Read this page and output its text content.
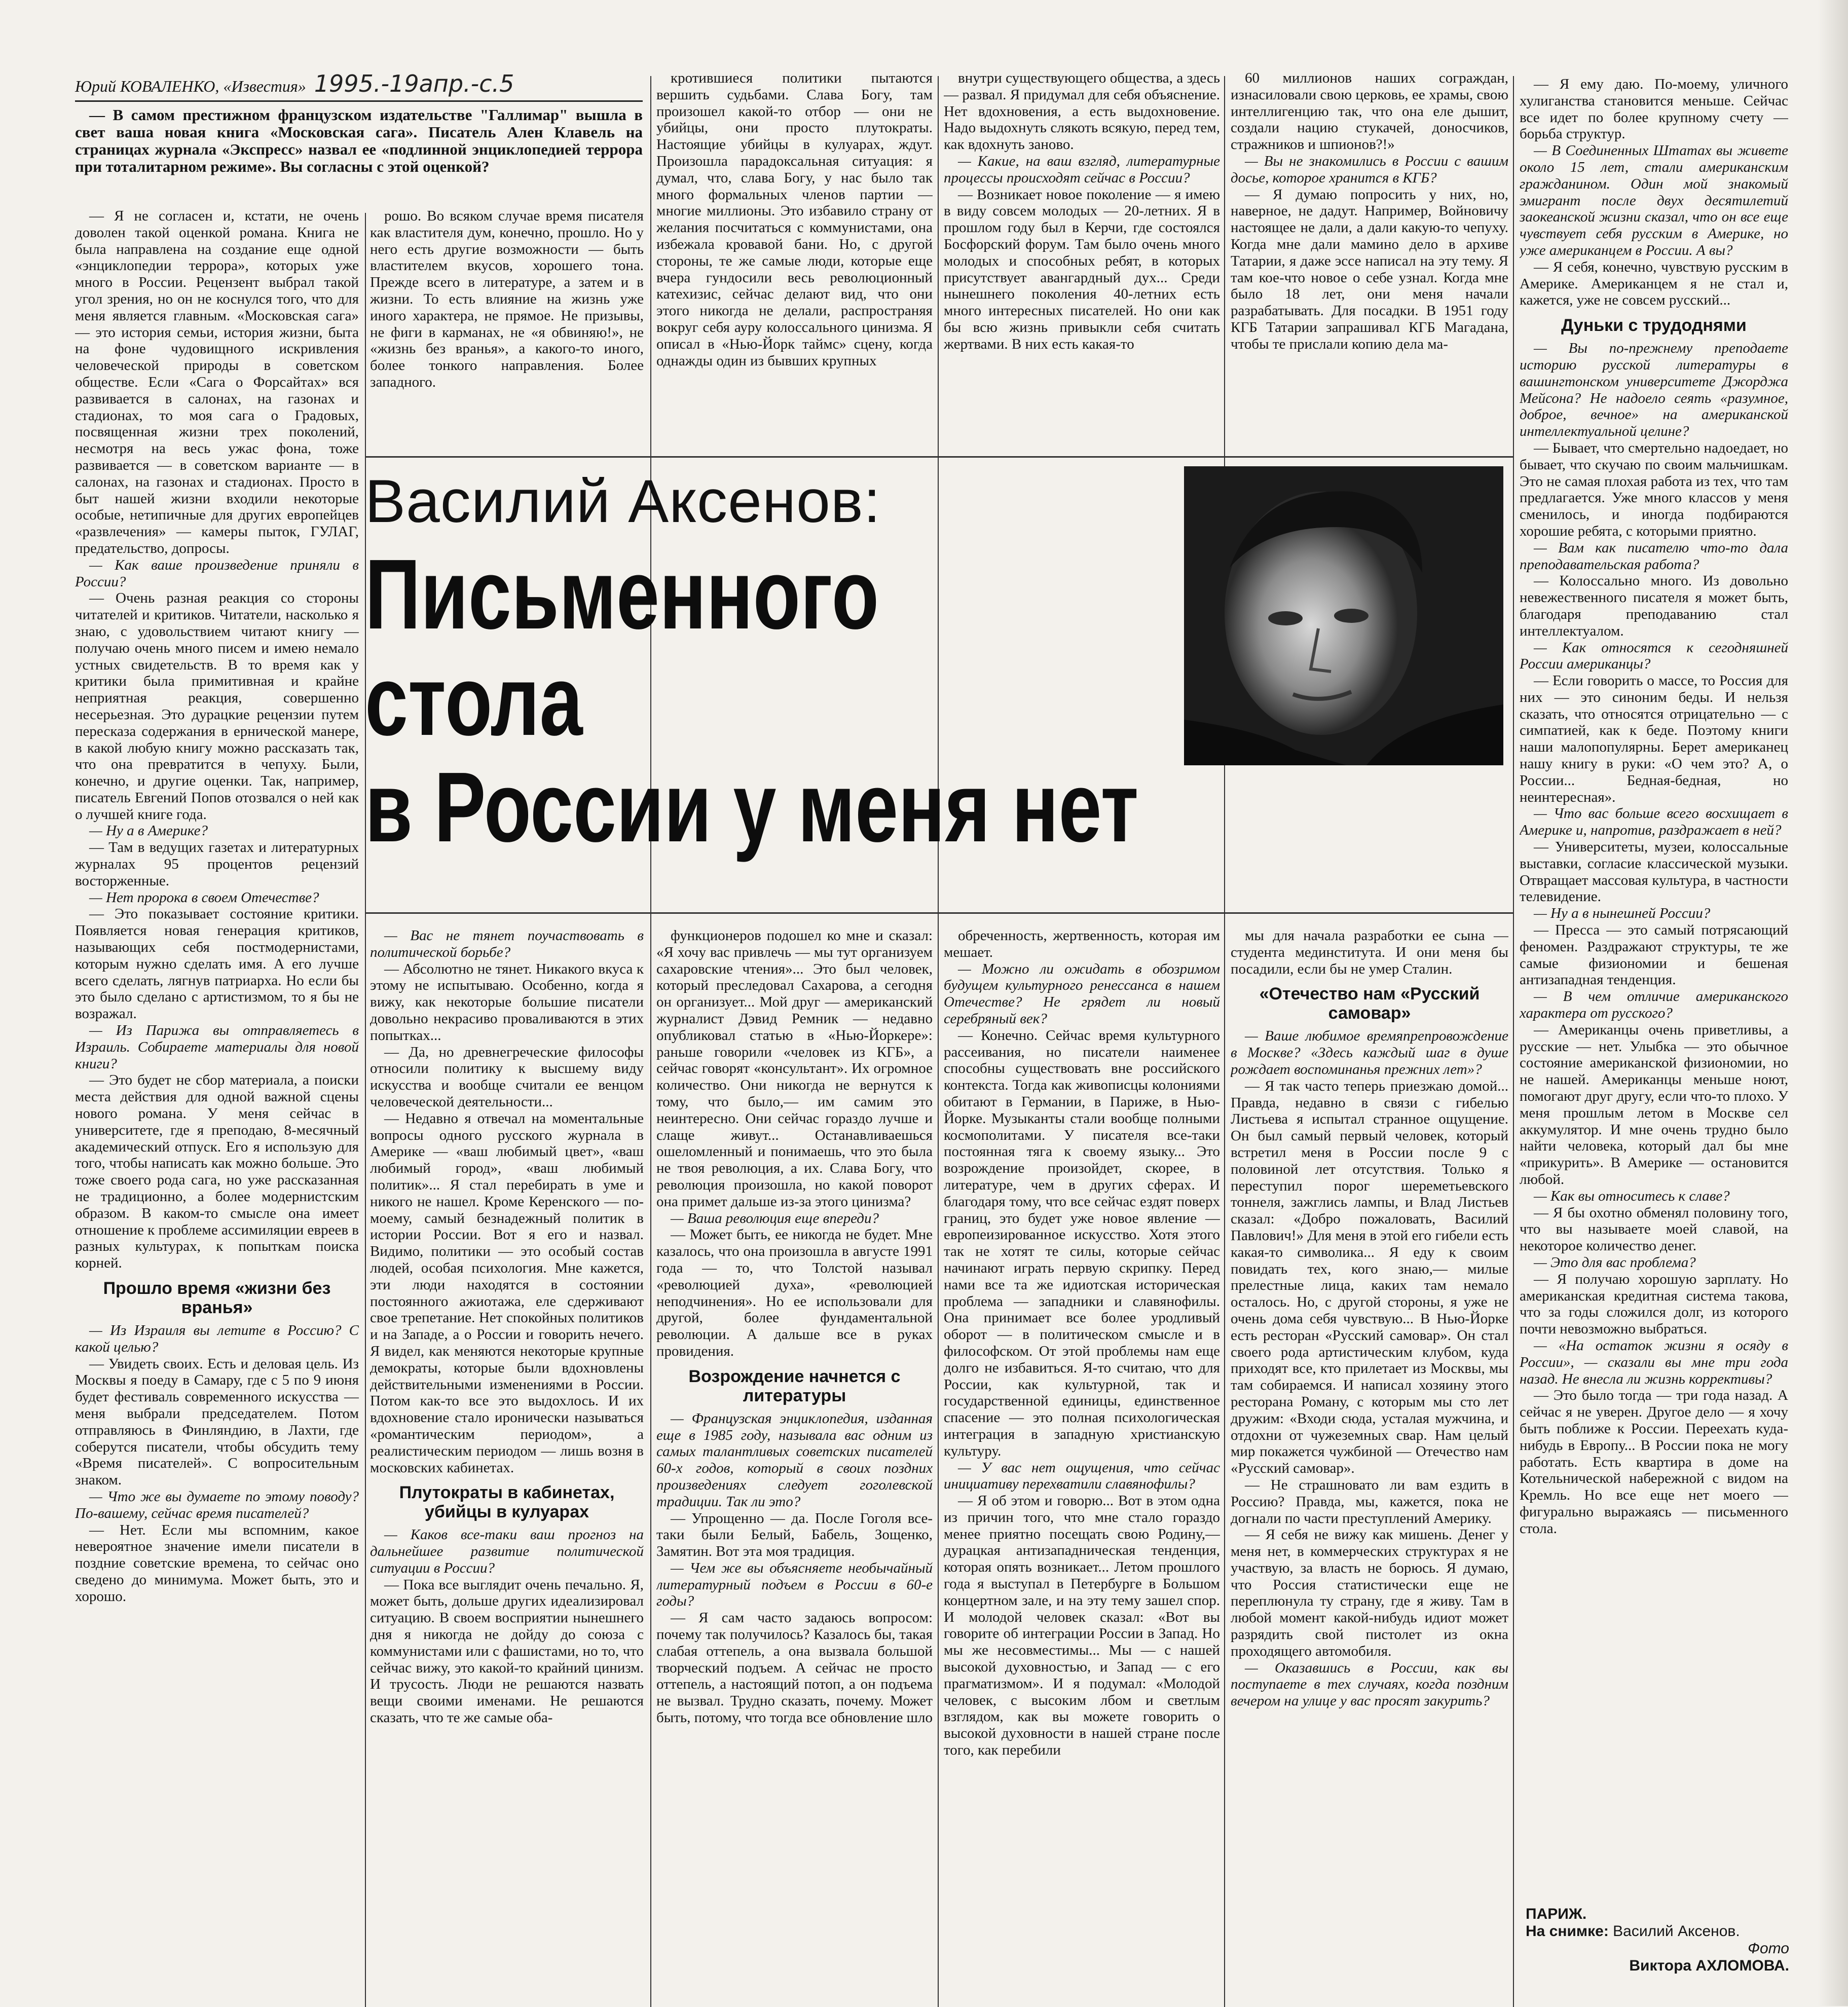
Юрий КОВАЛЕНКО, «Известия» 1995.-19апр.-с.5
— В самом престижном французском издательстве "Галлимар" вышла в свет ваша новая книга «Московская сага». Писатель Ален Клавель на страницах журнала «Экспресс» назвал ее «подлинной энциклопедией террора при тоталитарном режиме». Вы согласны с этой оценкой?

— Я не согласен и, кстати, не очень доволен такой оценкой романа. Книга не была направлена на создание еще одной «энциклопедии террора», которых уже много в России. Рецензент выбрал такой угол зрения, но он не коснулся того, что для меня является главным. «Московская сага» — это история семьи, история жизни, быта на фоне чудовищного искривления человеческой природы в советском обществе. Если «Сага о Форсайтах» вся развивается в салонах, на газонах и стадионах, то моя сага о Градовых, посвященная жизни трех поколений, несмотря на весь ужас фона, тоже развивается — в советском варианте — в салонах, на газонах и стадионах. Просто в быт нашей жизни входили некоторые особые, нетипичные для других европейцев «развлечения» — камеры пыток, ГУЛАГ, предательство, допросы.

— Как ваше произведение приняли в России?

— Очень разная реакция со стороны читателей и критиков. Читатели, насколько я знаю, с удовольствием читают книгу — получаю очень много писем и имею немало устных свидетельств. В то время как у критики была примитивная и крайне неприятная реакция, совершенно несерьезная. Это дурацкие рецензии путем пересказа содержания в ернической манере, в какой любую книгу можно рассказать так, что она превратится в чепуху. Были, конечно, и другие оценки. Так, например, писатель Евгений Попов отозвался о ней как о лучшей книге года.

— Ну а в Америке?

— Там в ведущих газетах и литературных журналах 95 процентов рецензий восторженные.

— Нет пророка в своем Отечестве?

— Это показывает состояние критики. Появляется новая генерация критиков, называющих себя постмодернистами, которым нужно сделать имя. А его лучше всего сделать, лягнув патриарха. Но если бы это было сделано с артистизмом, то я бы не возражал.

— Из Парижа вы отправляетесь в Израиль. Собираете материалы для новой книги?

— Это будет не сбор материала, а поиски места действия для одной важной сцены нового романа. У меня сейчас в университете, где я преподаю, 8-месячный академический отпуск. Его я использую для того, чтобы написать как можно больше. Это тоже своего рода сага, но уже рассказанная не традиционно, а более модернистским образом. В каком-то смысле она имеет отношение к проблеме ассимиляции евреев в разных культурах, к попыткам поиска корней.

Прошло время «жизни без вранья»

— Из Израиля вы летите в Россию? С какой целью?

— Увидеть своих. Есть и деловая цель. Из Москвы я поеду в Самару, где с 5 по 9 июня будет фестиваль современного искусства — меня выбрали председателем. Потом отправляюсь в Финляндию, в Лахти, где соберутся писатели, чтобы обсудить тему «Время писателей». С вопросительным знаком.

— Что же вы думаете по этому поводу? По-вашему, сейчас время писателей?

— Нет. Если мы вспомним, какое невероятное значение имели писатели в поздние советские времена, то сейчас оно сведено до минимума. Может быть, это и хорошо.

рошо. Во всяком случае время писателя как властителя дум, конечно, прошло. Но у него есть другие возможности — быть властителем вкусов, хорошего тона. Прежде всего в литературе, а затем и в жизни. То есть влияние на жизнь уже иного характера, не прямое. Не призывы, не фиги в карманах, не «я обвиняю!», не «жизнь без вранья», а какого-то иного, более тонкого направления. Более западного.

кротившиеся политики пытаются вершить судьбами. Слава Богу, там произошел какой-то отбор — они не убийцы, они просто плутократы. Настоящие убийцы в кулуарах, ждут. Произошла парадоксальная ситуация: я думал, что, слава Богу, у нас было так много формальных членов партии — многие миллионы. Это избавило страну от желания посчитаться с коммунистами, она избежала кровавой бани. Но, с другой стороны, те же самые люди, которые еще вчера гундосили весь революционный катехизис, сейчас делают вид, что они этого никогда не делали, распространяя вокруг себя ауру колоссального цинизма. Я описал в «Нью-Йорк таймс» сцену, когда однажды один из бывших крупных

внутри существующего общества, а здесь — развал. Я придумал для себя объяснение. Нет вдохновения, а есть выдохновение. Надо выдохнуть слякоть всякую, перед тем, как вдохнуть заново.

— Какие, на ваш взгляд, литературные процессы происходят сейчас в России?

— Возникает новое поколение — я имею в виду совсем молодых — 20-летних. Я в прошлом году был в Керчи, где состоялся Босфорский форум. Там было очень много молодых и способных ребят, в которых присутствует авангардный дух... Среди нынешнего поколения 40-летних есть много интересных писателей. Но они как бы всю жизнь привыкли себя считать жертвами. В них есть какая-то

60 миллионов наших сограждан, изнасиловали свою церковь, ее храмы, свою интеллигенцию так, что она еле дышит, создали нацию стукачей, доносчиков, стражников и шпионов?!»

— Вы не знакомились в России с вашим досье, которое хранится в КГБ?

— Я думаю попросить у них, но, наверное, не дадут. Например, Войновичу настоящее не дали, а дали какую-то чепуху. Когда мне дали мамино дело в архиве Татарии, я даже эссе написал на эту тему. Я там кое-что новое о себе узнал. Когда мне было 18 лет, они меня начали разрабатывать. Для посадки. В 1951 году КГБ Татарии запрашивал КГБ Магадана, чтобы те прислали копию дела ма-

Василий Аксенов:
Письменного
стола
в России у меня нет

— Вас не тянет поучаствовать в политической борьбе?

— Абсолютно не тянет. Никакого вкуса к этому не испытываю. Особенно, когда я вижу, как некоторые большие писатели довольно некрасиво проваливаются в этих попытках...

— Да, но древнегреческие философы относили политику к высшему виду искусства и вообще считали ее венцом человеческой деятельности...

— Недавно я отвечал на моментальные вопросы одного русского журнала в Америке — «ваш любимый цвет», «ваш любимый город», «ваш любимый политик»... Я стал перебирать в уме и никого не нашел. Кроме Керенского — по-моему, самый безнадежный политик в истории России. Вот я его и назвал. Видимо, политики — это особый состав людей, особая психология. Мне кажется, эти люди находятся в состоянии постоянного ажиотажа, еле сдерживают свое трепетание. Нет спокойных политиков и на Западе, а о России и говорить нечего. Я видел, как меняются некоторые крупные демократы, которые были вдохновлены действительными изменениями в России. Потом как-то все это выдохлось. И их вдохновение стало иронически называться «романтическим периодом», а реалистическим периодом — лишь возня в московских кабинетах.

Плутократы в кабинетах, убийцы в кулуарах

— Каков все-таки ваш прогноз на дальнейшее развитие политической ситуации в России?

— Пока все выглядит очень печально. Я, может быть, дольше других идеализировал ситуацию. В своем восприятии нынешнего дня я никогда не дойду до союза с коммунистами или с фашистами, но то, что сейчас вижу, это какой-то крайний цинизм. И трусость. Люди не решаются назвать вещи своими именами. Не решаются сказать, что те же самые оба-

функционеров подошел ко мне и сказал: «Я хочу вас привлечь — мы тут организуем сахаровские чтения»... Это был человек, который преследовал Сахарова, а сегодня он организует... Мой друг — американский журналист Дэвид Ремник — недавно опубликовал статью в «Нью-Йоркере»: раньше говорили «человек из КГБ», а сейчас говорят «консультант». Их огромное количество. Они никогда не вернутся к тому, что было,— им самим это неинтересно. Они сейчас гораздо лучше и слаще живут... Останавливаешься ошеломленный и понимаешь, что это была не твоя революция, а их. Слава Богу, что революция произошла, но какой поворот она примет дальше из-за этого цинизма?

— Ваша революция еще впереди?

— Может быть, ее никогда не будет. Мне казалось, что она произошла в августе 1991 года — то, что Толстой называл «революцией духа», «революцией неподчинения». Но ее использовали для другой, более фундаментальной революции. А дальше все в руках провидения.

Возрождение начнется с литературы

— Французская энциклопедия, изданная еще в 1985 году, называла вас одним из самых талантливых советских писателей 60-х годов, который в своих поздних произведениях следует гоголевской традиции. Так ли это?

— Упрощенно — да. После Гоголя все-таки были Белый, Бабель, Зощенко, Замятин. Вот эта моя традиция.

— Чем же вы объясняете необычайный литературный подъем в России в 60-е годы?

— Я сам часто задаюсь вопросом: почему так получилось? Казалось бы, такая слабая оттепель, а она вызвала большой творческий подъем. А сейчас не просто оттепель, а настоящий потоп, а он подъема не вызвал. Трудно сказать, почему. Может быть, потому, что тогда все обновление шло

обреченность, жертвенность, которая им мешает.

— Можно ли ожидать в обозримом будущем культурного ренессанса в нашем Отечестве? Не грядет ли новый серебряный век?

— Конечно. Сейчас время культурного рассеивания, но писатели наименее способны существовать вне российского контекста. Тогда как живописцы колониями обитают в Германии, в Париже, в Нью-Йорке. Музыканты стали вообще полными космополитами. У писателя все-таки постоянная тяга к своему языку... Это возрождение произойдет, скорее, в литературе, чем в других сферах. И благодаря тому, что все сейчас ездят поверх границ, это будет уже новое явление — европеизированное искусство. Хотя этого так не хотят те силы, которые сейчас начинают играть первую скрипку. Перед нами все та же идиотская историческая проблема — западники и славянофилы. Она принимает все более уродливый оборот — в политическом смысле и в философском. От этой проблемы нам еще долго не избавиться. Я-то считаю, что для России, как культурной, так и государственной единицы, единственное спасение — это полная психологическая интеграция в западную христианскую культуру.

— У вас нет ощущения, что сейчас инициативу перехватили славянофилы?

— Я об этом и говорю... Вот в этом одна из причин того, что мне стало гораздо менее приятно посещать свою Родину,— дурацкая антизападническая тенденция, которая опять возникает... Летом прошлого года я выступал в Петербурге в Большом концертном зале, и на эту тему зашел спор. И молодой человек сказал: «Вот вы говорите об интеграции России в Запад. Но мы же несовместимы... Мы — с нашей высокой духовностью, и Запад — с его прагматизмом». И я подумал: «Молодой человек, с высоким лбом и светлым взглядом, как вы можете говорить о высокой духовности в нашей стране после того, как перебили

мы для начала разработки ее сына — студента мединститута. И они меня бы посадили, если бы не умер Сталин.

«Отечество нам «Русский самовар»

— Ваше любимое времяпрепровождение в Москве? «Здесь каждый шаг в душе рождает воспоминанья прежних лет»?

— Я так часто теперь приезжаю домой... Правда, недавно в связи с гибелью Листьева я испытал странное ощущение. Он был самый первый человек, который встретил меня в России после 9 с половиной лет отсутствия. Только я переступил порог шереметьевского тоннеля, зажглись лампы, и Влад Листьев сказал: «Добро пожаловать, Василий Павлович!» Для меня в этой его гибели есть какая-то символика... Я еду к своим повидать тех, кого знаю,— милые прелестные лица, каких там немало осталось. Но, с другой стороны, я уже не очень дома себя чувствую... В Нью-Йорке есть ресторан «Русский самовар». Он стал своего рода артистическим клубом, куда приходят все, кто прилетает из Москвы, мы там собираемся. И написал хозяину этого ресторана Роману, с которым мы сто лет дружим: «Входи сюда, усталая мужчина, и отдохни от чужеземных свар. Нам целый мир покажется чужбиной — Отечество нам «Русский самовар».

— Не страшновато ли вам ездить в Россию? Правда, мы, кажется, пока не догнали по части преступлений Америку.

— Я себя не вижу как мишень. Денег у меня нет, в коммерческих структурах я не участвую, за власть не борюсь. Я думаю, что Россия статистически еще не переплюнула ту страну, где я живу. Там в любой момент какой-нибудь идиот может разрядить свой пистолет из окна проходящего автомобиля.

— Оказавшись в России, как вы поступаете в тех случаях, когда поздним вечером на улице у вас просят закурить?

— Я ему даю. По-моему, уличного хулиганства становится меньше. Сейчас все идет по более крупному счету — борьба структур.

— В Соединенных Штатах вы живете около 15 лет, стали американским гражданином. Один мой знакомый эмигрант после двух десятилетий заокеанской жизни сказал, что он все еще чувствует себя русским в Америке, но уже американцем в России. А вы?

— Я себя, конечно, чувствую русским в Америке. Американцем я не стал и, кажется, уже не совсем русский...

Дуньки с трудоднями

— Вы по-прежнему преподаете историю русской литературы в вашингтонском университете Джорджа Мейсона? Не надоело сеять «разумное, доброе, вечное» на американской интеллектуальной целине?

— Бывает, что смертельно надоедает, но бывает, что скучаю по своим мальчишкам. Это не самая плохая работа из тех, что там предлагается. Уже много классов у меня сменилось, и иногда подбираются хорошие ребята, с которыми приятно.

— Вам как писателю что-то дала преподавательская работа?

— Колоссально много. Из довольно невежественного писателя я может быть, благодаря преподаванию стал интеллектуалом.

— Как относятся к сегодняшней России американцы?

— Если говорить о массе, то Россия для них — это синоним беды. И нельзя сказать, что относятся отрицательно — с симпатией, как к беде. Поэтому книги наши малопопулярны. Берет американец нашу книгу в руки: «О чем это? А, о России... Бедная-бедная, но неинтересная».

— Что вас больше всего восхищает в Америке и, напротив, раздражает в ней?

— Университеты, музеи, колоссальные выставки, согласие классической музыки. Отвращает массовая культура, в частности телевидение.

— Ну а в нынешней России?

— Пресса — это самый потрясающий феномен. Раздражают структуры, те же самые физиономии и бешеная антизападная тенденция.

— В чем отличие американского характера от русского?

— Американцы очень приветливы, а русские — нет. Улыбка — это обычное состояние американской физиономии, но не нашей. Американцы меньше ноют, помогают друг другу, если что-то плохо. У меня прошлым летом в Москве сел аккумулятор. И мне очень трудно было найти человека, который дал бы мне «прикурить». В Америке — остановится любой.

— Как вы относитесь к славе?

— Я бы охотно обменял половину того, что вы называете моей славой, на некоторое количество денег.

— Это для вас проблема?

— Я получаю хорошую зарплату. Но американская кредитная система такова, что за годы сложился долг, из которого почти невозможно выбраться.

— «На остаток жизни я осяду в России», — сказали вы мне три года назад. Не внесла ли жизнь коррективы?

— Это было тогда — три года назад. А сейчас я не уверен. Другое дело — я хочу быть поближе к России. Переехать куда-нибудь в Европу... В России пока не могу работать. Есть квартира в доме на Котельнической набережной с видом на Кремль. Но все еще нет моего — фигурально выражаясь — письменного стола.

ПАРИЖ.
На снимке: Василий Аксенов.
Фото
Виктора АХЛОМОВА.
